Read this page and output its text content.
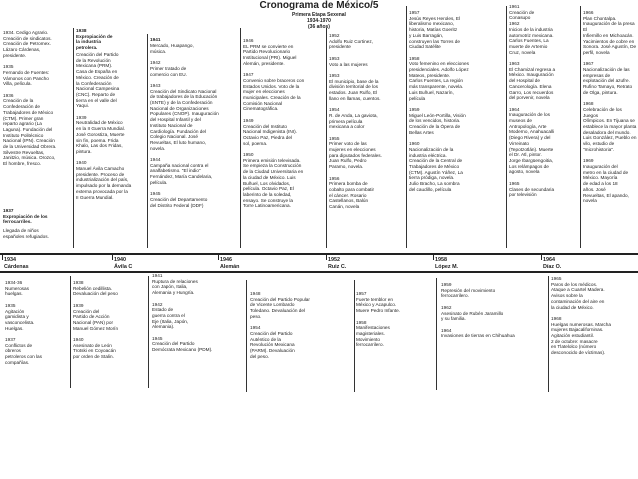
Cronograma de México/5
Primera Etapa Sexenal
1934-1970
(36 años)
1934. Cedigo Agrario.
Creación de sindicatos.
Creación de Petromex.
Lázaro Cárdenas,
presidente.

1935
Fernando de Fuentes:
Vámonos con Pancho
Villa, película.

1936
Creación de la
Confederación de
Trabajadores de México
(CTM). Primer gran
reparto agrario (La
Laguna). Fundación del
Instituto Politécnico
Nacional (IPN). Creación
de la Universidad Obrera.
Silvestre Revueltas,
Janitzio, música. Orozco,
El hombre, fresco.
1937
Expropiación de los
ferrocarriles.
Llegada de niños
españoles refugiados.
1938
Expropiación de
la industria
petrolera.
Creación del Partido
de la Revolución
Mexicana (PRM).
Casa de España en
México. Creación de
la Confederación
Nacional Campesina
(CNC). Reparto de
tierra en el valle del
Yaqui.

1939
Neutralidad de México
en la II Guerra Mundial.
José Gorostiza, Muerte
sin fin, poema. Frida
Khalo, Las dos Fridas,
pintura.

1940
Manuel Ávila Camacho
presidente. Proceso de
industrialización del país,
impulsado por la demanda
externa provocada por la
II Guerra Mundial.
1941
Mercado, Huapango,
música.

1942
Primer tratado de
comercio con EU.

1943
Creación del Sindicato Nacional
de trabajadores de la Educación
(SNTE) y de la Confederación
Nacional de Organizaciones
Populares (CNOP). Inauguración
del Hospital Infantil y del
Instituto Nacional de
Cardiología. Fundación del
Colegio Nacional. José
Revueltas, El luto humano,
novela.

1944
Campaña nacional contra el
analfabetismo. "El indio"
Fernández, María Candelaria,
película.

1945
Creación del Departamento
del Distrito Federal (DDF)
1946
EL PRM se convierte en
Partido Revolucionario
Institucional (PRI). Miguel
Alemán, presidente.

1947
Convenio sobre braceros con
Estados Unidos. Voto de la
mujer en elecciones
municipales. Creación de la
Comisión Nacional
Cinematográfica.

1949
Creación del Instituto
Nacional Indigenista (INI).
Octavio Paz, Piedra del
sol, poema.

1950
Primera emisión televisada.
Se empieza la Construcción
de la Ciudad Universitaria en
la ciudad de México. Luis
Buñuel, Los olvidados,
película. Octavio Paz, El
laberinto de la soledad,
ensayo. Se construye la
Torre Latinoamericana.
1952
Adolfo Ruiz Cortinez,
presidente

1953
Voto a las mujeres

1953
El municipio, base de la
división territorial de los
estados. Juan Rulfo, El
llano en llamas, cuentos.

1954
R. de Anda, La gaviota,
primera película
mexicana a color

1955
Primer voto de las
mujeres en elecciones
para diputados federales.
Juan Rulfo, Pedro
Paramo, novela.

1956
Primera bomba de
cobalto para combatir
el cáncer. Rosario
Castellanos, Balún
Canán, novela
1957
Jesús Reyes Heroles, El
liberalismo mexicano,
historia, Matías Goeritz
y Luis Barragán,
construyen las Torres de
Ciudad Satélite

1958
Voto femenino en elecciones
presidenciales. Adolfo López
Mateos, presidente.
Carlos Fuentes, La región
más transparente, novela.
Luis Buñuel, Nazarín,
película

1959
Miguel León-Portilla, Visión
de los vencidos, historia.
Creación de la Ópera de
Bellas Artes

1960
Nacionalización de la
industria eléctrica.
Creación de la Central de
Trabajadores de México
(CTM). Agustín Yáñez, La
tierra pródiga, novela.
Julio Bracho, La sombra
del caudillo, película
1961
Creación de
Conasupo
1962
Inicios de la industria
automotriz mexicana.
Carlos Fuentes, La
muerte de Artemio
Cruz, novela

1963
El Chamizal regresa a
México. Inauguración
del Hospital de
Cancerología. Elena
Garro, Los recuerdos
del porvenir, novela

1964
Inauguración de los
museos de
Antropología, Arte
Moderno, Anahuacalli
(Diego Rivera) y del
Virreinato
(Tepotzotlán). Muerte
el Dr. Atl, pintor.
Jorge Ibargüengoitia,
Los relámpagos de
agosto, novela

1965
Clases de secundaria
por televisión
1966
Plan Chontalpa.
Inauguración de la presa El
Infiernillo en Michoacán.
Yacimientos de cobre en
Sonora. José Agustín, De
perfil, novela

1967
Nacionalización de las
empresas de
explotación del azufre.
Rufino Tamayo, Retrato
de Olga, pintura.

1968
Celebración de los Juegos
Olímpicos. En Tijuana se
establece la mayor planta
desaladora del mundo.
Luis González, Pueblo en
vilo, estudio de
"microhistoria".

1969
Inauguración del
metro en la ciudad de
México. Mayoría
de edad a los 18
años. José
Revueltas, El apando,
novela
1934
Cárdenas
1940
Ávila C
1946
Alemán
1952
Ruiz C.
1958
López M.
1964
Díaz O.
1934-36
Numerosas
huelgas.

1935
Agitación
gamidista y
vasconcelista.
Huelgas.

1937
Conflictos de
obreros
petroleros con las
compañías.
1938
Rebelión cedillista.
Devaluación del peso

1939
Creación del
Partido de Acción
Nacional (PAN) por
Manuel Gómez Morín

1940
Asesinato de León
Trotski en Coyoacán
por orden de Stalin.
1941
Ruptura de relaciones
con Japón, Italia,
Alemania y Hungría.

1942
Estado de
guerra contra el
Eje (Italia, Japón,
Alemania).

1945
Creación del Partido
Demócrata Mexicano (PDM).
1948
Creación del Partido Popular
de Vicente Lombardo
Toledano. Devaluación del
peso.

1954
Creación del Partido
Auténtico de la
Revolución Mexicana
(PARM). Devaluación
del peso.
1957
Fuerte temblor en
México y Acapulco.
Muere Pedro Infante.

1958
Manifestaciones
magisteriales.
Movimiento
ferrocarrilero.
1959
Represión del movimiento
ferrocarrilero.

1962
Asesinato de Rubén Jaramillo
y su familia.

1964
Invasiones de tierras en Chihuahua
1965
Paros de los médicos.
Ataque a Cuartel Madera.
Avisos sobre la
contaminación del aire en
la ciudad de México.

1968
Huelgas numerosas. Marcha
mujeres Bajacaliforninas.
Agitación estudiantil.
2 de octubre: masacre
en Tlatelolco (número
desconocido de víctimas).
